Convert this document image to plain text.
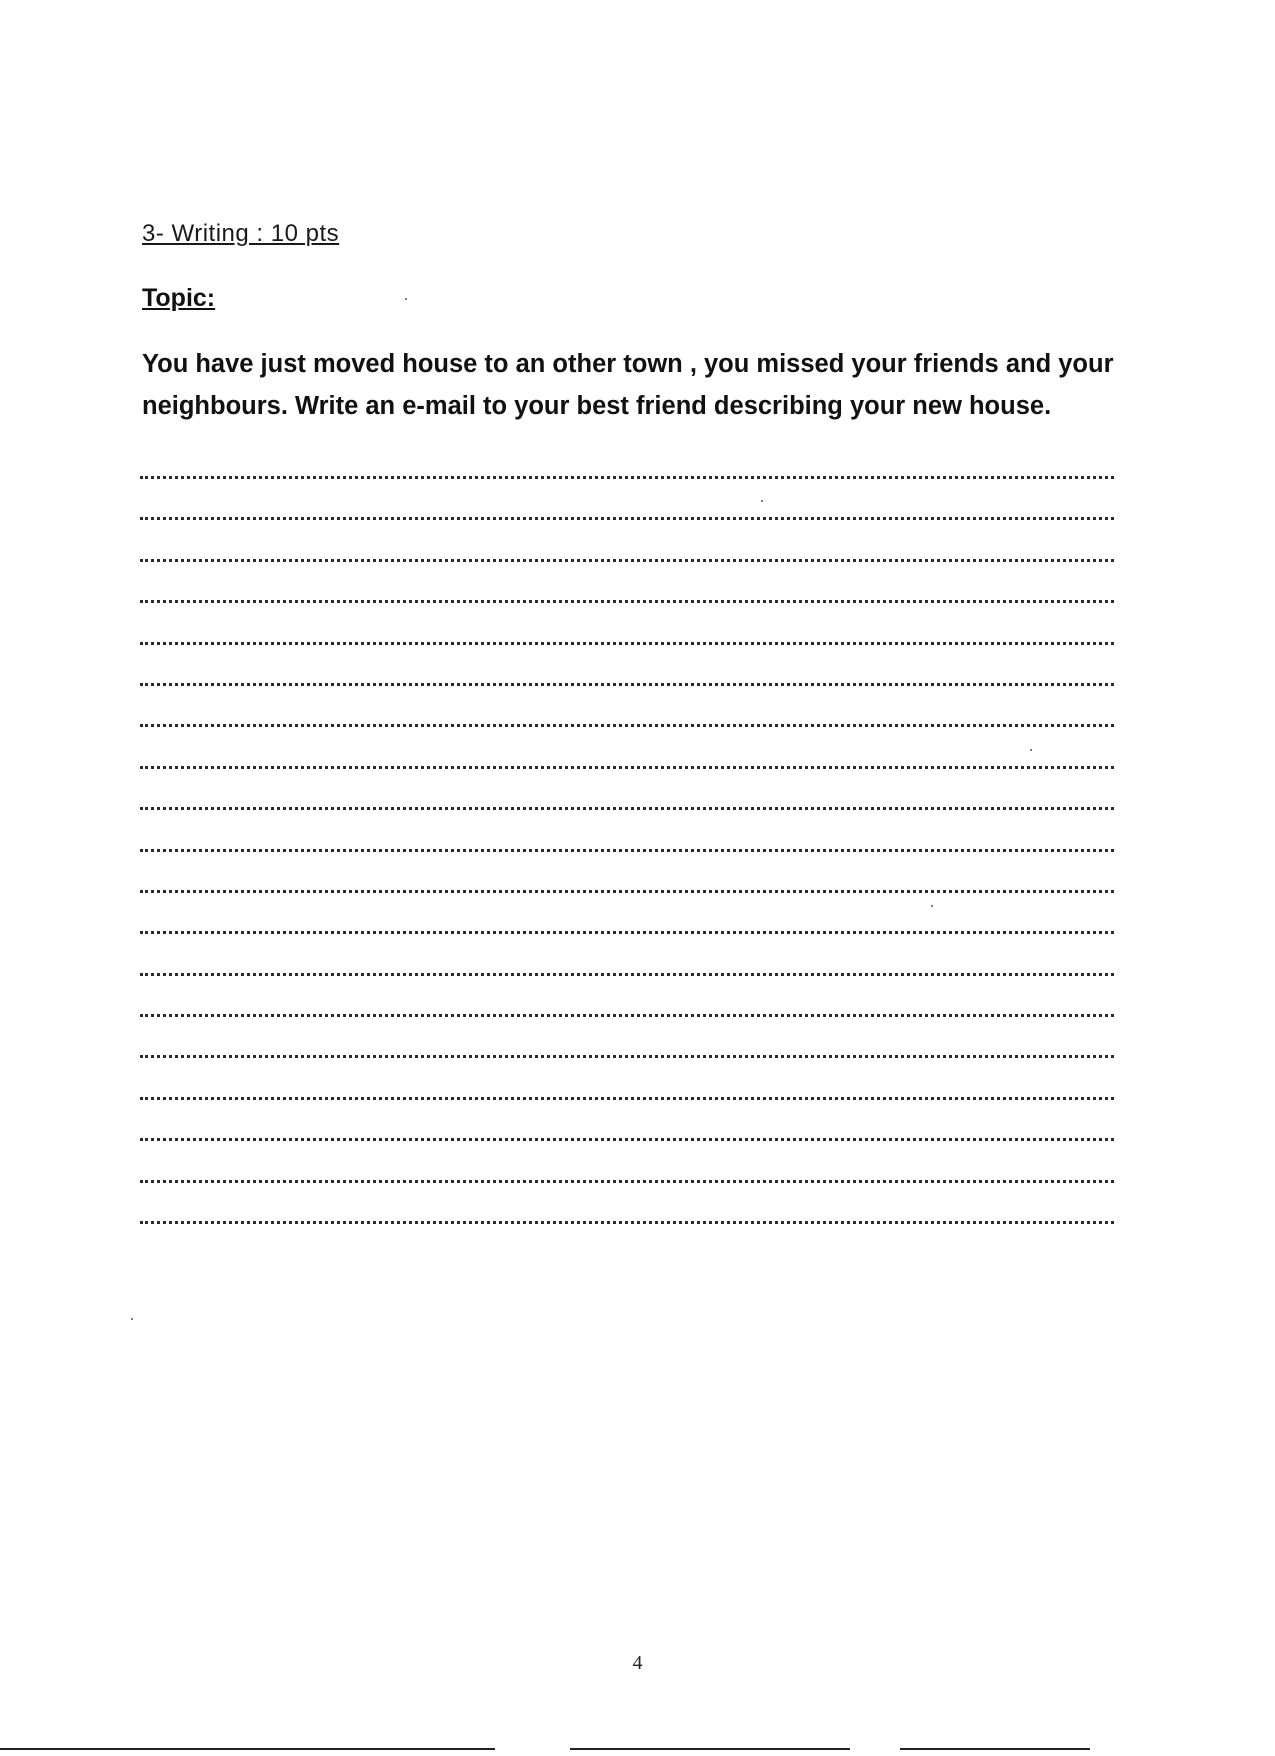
3- Writing : 10 pts
Topic:
You have just moved house to an other town , you missed your friends and your
neighbours. Write an e-mail to your best friend describing your new house.
4
